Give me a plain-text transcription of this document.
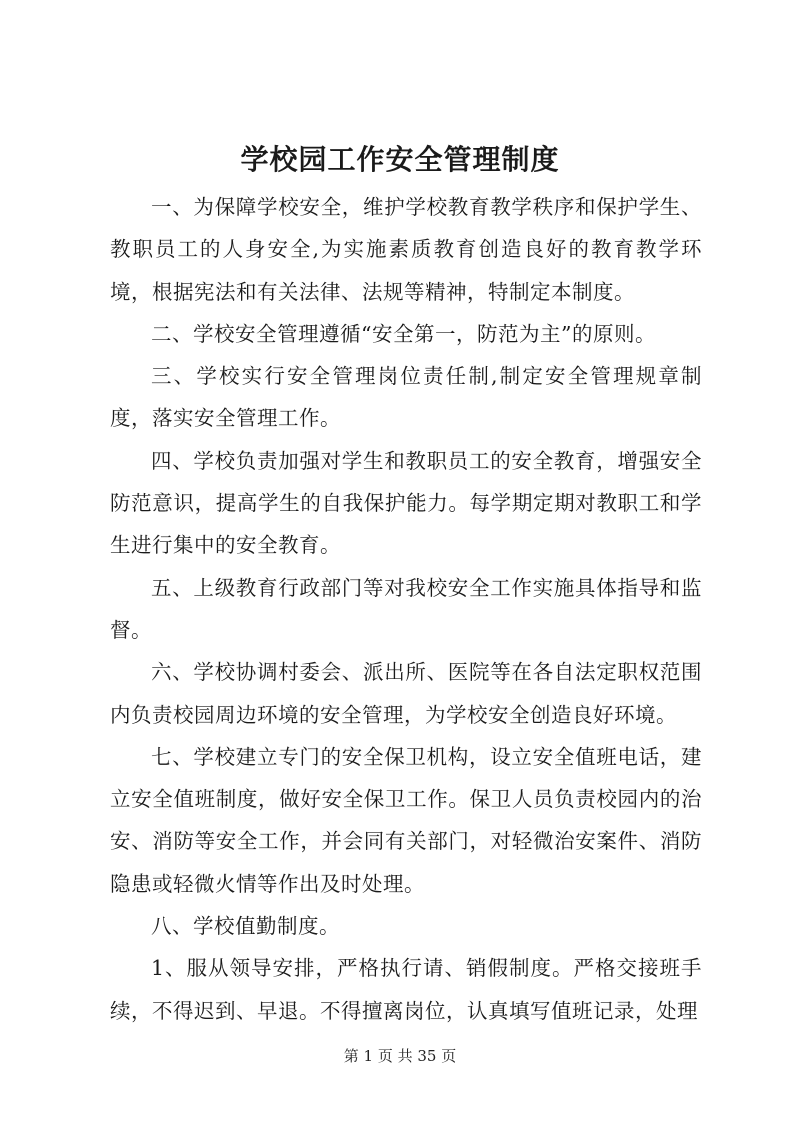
学校园工作安全管理制度

一、为保障学校安全，维护学校教育教学秩序和保护学生、教职员工的人身安全,为实施素质教育创造良好的教育教学环境，根据宪法和有关法律、法规等精神，特制定本制度。

二、学校安全管理遵循“安全第一，防范为主”的原则。

三、学校实行安全管理岗位责任制,制定安全管理规章制度，落实安全管理工作。

四、学校负责加强对学生和教职员工的安全教育，增强安全防范意识，提高学生的自我保护能力。每学期定期对教职工和学生进行集中的安全教育。

五、上级教育行政部门等对我校安全工作实施具体指导和监督。

六、学校协调村委会、派出所、医院等在各自法定职权范围内负责校园周边环境的安全管理，为学校安全创造良好环境。

七、学校建立专门的安全保卫机构，设立安全值班电话，建立安全值班制度，做好安全保卫工作。保卫人员负责校园内的治安、消防等安全工作，并会同有关部门，对轻微治安案件、消防隐患或轻微火情等作出及时处理。

八、学校值勤制度。

1、服从领导安排，严格执行请、销假制度。严格交接班手续，不得迟到、早退。不得擅离岗位，认真填写值班记录，处理

第 1 页 共 35 页
